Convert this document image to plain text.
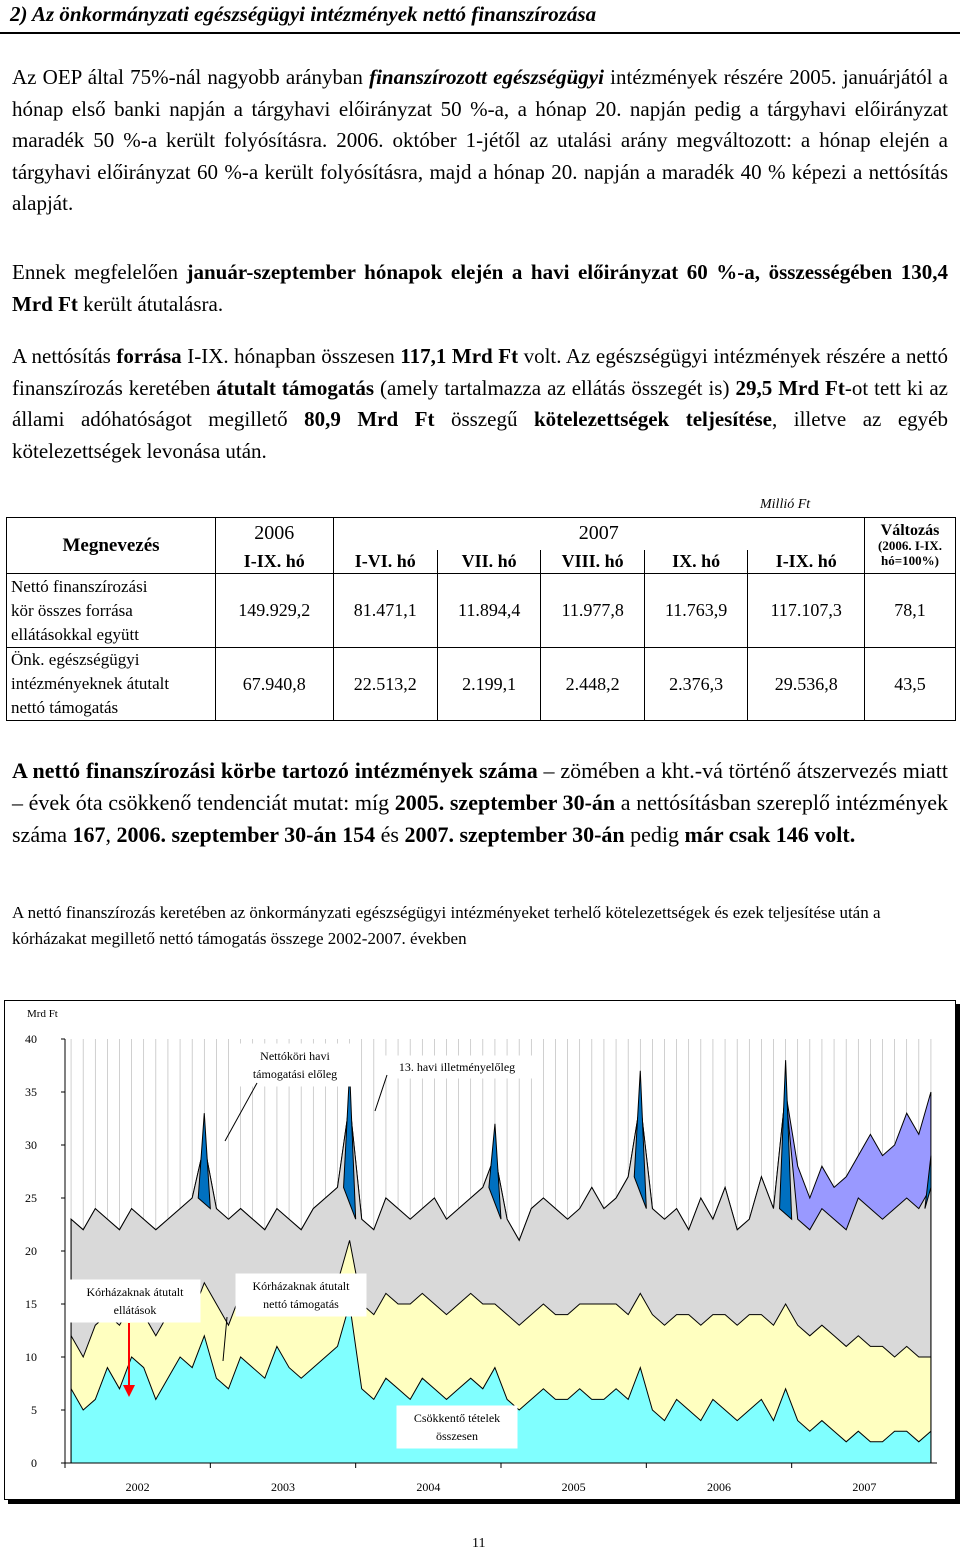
2) Az önkormányzati egészségügyi intézmények nettó finanszírozása
Az OEP által 75%-nál nagyobb arányban finanszírozott egészségügyi intézmények részére 2005. januárjától a hónap első banki napján a tárgyhavi előirányzat 50 %-a, a hónap 20. napján pedig a tárgyhavi előirányzat maradék 50 %-a került folyósításra. 2006. október 1-jétől az utalási arány megváltozott: a hónap elején a tárgyhavi előirányzat 60 %-a került folyósításra, majd a hónap 20. napján a maradék 40 % képezi a nettósítás alapját.
Ennek megfelelően január-szeptember hónapok elején a havi előirányzat 60 %-a, összességében 130,4 Mrd Ft került átutalásra.
A nettósítás forrása I-IX. hónapban összesen 117,1 Mrd Ft volt. Az egészségügyi intézmények részére a nettó finanszírozás keretében átutalt támogatás (amely tartalmazza az ellátás összegét is) 29,5 Mrd Ft-ot tett ki az állami adóhatóságot megillető 80,9 Mrd Ft összegű kötelezettségek teljesítése, illetve az egyéb kötelezettségek levonása után.
Millió Ft
Megnevezés	2006	2007					Változás
(2006. I-IX.
hó=100%)

	I-IX. hó	I-VI. hó	VII. hó	VIII. hó	IX. hó	I-IX. hó	

Nettó finanszírozási
kör összes forrása
ellátásokkal együtt	149.929,2	81.471,1	11.894,4	11.977,8	11.763,9	117.107,3	78,1

Önk. egészségügyi
intézményeknek átutalt
nettó támogatás	67.940,8	22.513,2	2.199,1	2.448,2	2.376,3	29.536,8	43,5
A nettó finanszírozási körbe tartozó intézmények száma – zömében a kht.-vá történő átszervezés miatt – évek óta csökkenő tendenciát mutat: míg 2005. szeptember 30-án a nettósításban szereplő intézmények száma 167, 2006. szeptember 30-án 154 és 2007. szeptember 30-án pedig már csak 146 volt.
A nettó finanszírozás keretében az önkormányzati egészségügyi intézményeket terhelő kötelezettségek és ezek teljesítése után a kórházakat megillető nettó támogatás összege 2002-2007. években
Mrd Ft
0
5
10
15
20
25
30
35
40
2002	2003	2004	2005	2006	2007
Nettóköri havi
támogatási előleg	13. havi illetményelőleg
Kórházaknak átutalt
ellátások
Kórházaknak átutalt
nettó támogatás
Csökkentő tételek
összesen
11
